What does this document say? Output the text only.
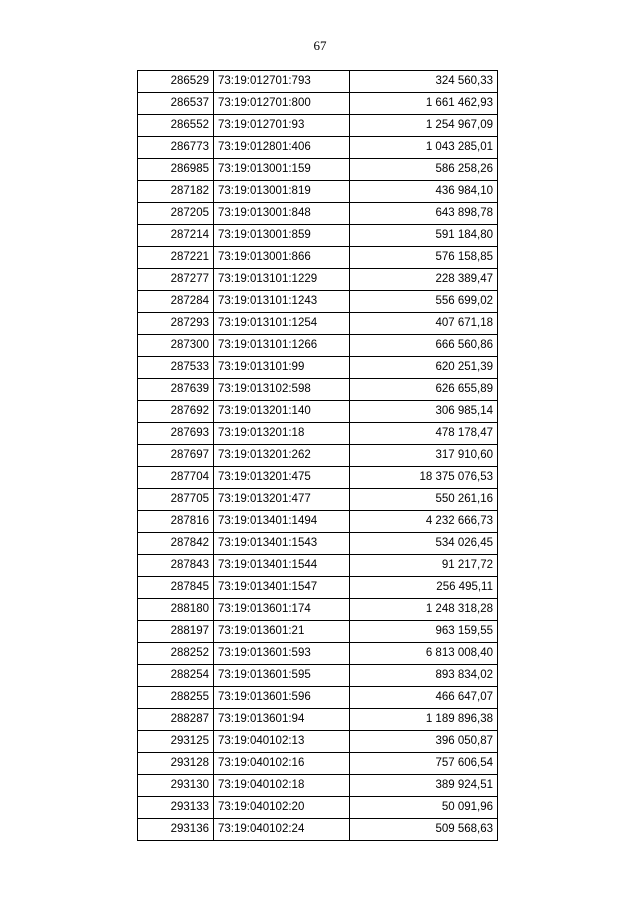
67
286529	73:19:012701:793	324 560,33
286537	73:19:012701:800	1 661 462,93
286552	73:19:012701:93	1 254 967,09
286773	73:19:012801:406	1 043 285,01
286985	73:19:013001:159	586 258,26
287182	73:19:013001:819	436 984,10
287205	73:19:013001:848	643 898,78
287214	73:19:013001:859	591 184,80
287221	73:19:013001:866	576 158,85
287277	73:19:013101:1229	228 389,47
287284	73:19:013101:1243	556 699,02
287293	73:19:013101:1254	407 671,18
287300	73:19:013101:1266	666 560,86
287533	73:19:013101:99	620 251,39
287639	73:19:013102:598	626 655,89
287692	73:19:013201:140	306 985,14
287693	73:19:013201:18	478 178,47
287697	73:19:013201:262	317 910,60
287704	73:19:013201:475	18 375 076,53
287705	73:19:013201:477	550 261,16
287816	73:19:013401:1494	4 232 666,73
287842	73:19:013401:1543	534 026,45
287843	73:19:013401:1544	91 217,72
287845	73:19:013401:1547	256 495,11
288180	73:19:013601:174	1 248 318,28
288197	73:19:013601:21	963 159,55
288252	73:19:013601:593	6 813 008,40
288254	73:19:013601:595	893 834,02
288255	73:19:013601:596	466 647,07
288287	73:19:013601:94	1 189 896,38
293125	73:19:040102:13	396 050,87
293128	73:19:040102:16	757 606,54
293130	73:19:040102:18	389 924,51
293133	73:19:040102:20	50 091,96
293136	73:19:040102:24	509 568,63
